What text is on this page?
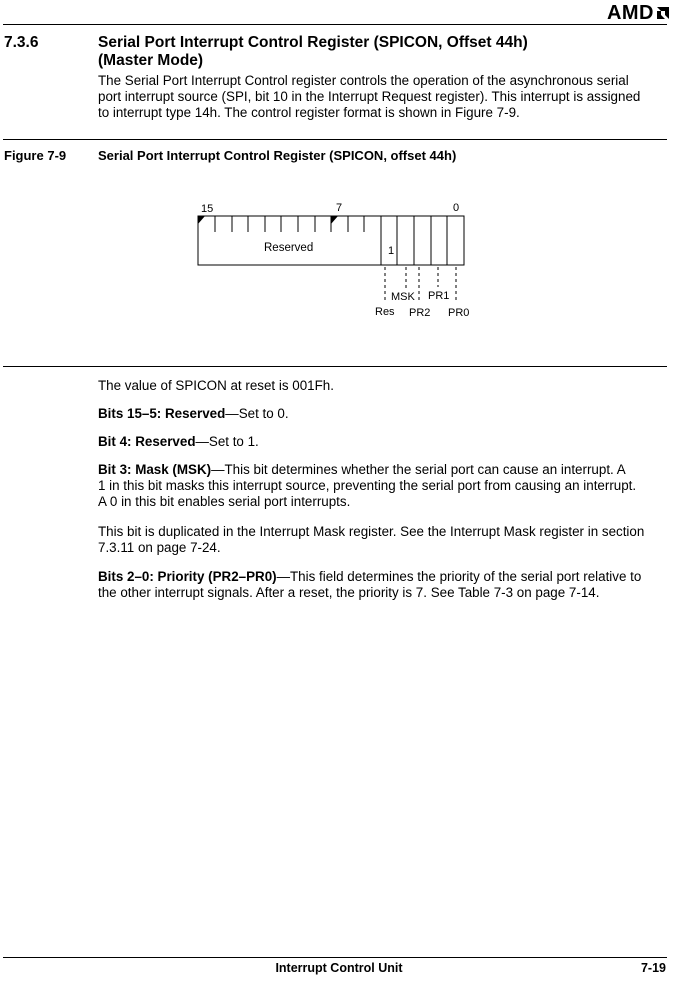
AMD
7.3.6	Serial Port Interrupt Control Register (SPICON, Offset 44h)
(Master Mode)
The Serial Port Interrupt Control register controls the operation of the asynchronous serial
port interrupt source (SPI, bit 10 in the Interrupt Request register). This interrupt is assigned
to interrupt type 14h. The control register format is shown in Figure 7-9.
Figure 7-9 Serial Port Interrupt Control Register (SPICON, offset 44h)
15	7	0
Reserved	1
Res
MSK
PR2
PR1
PR0
The value of SPICON at reset is 001Fh.
Bits 15–5: Reserved—Set to 0.
Bit 4: Reserved—Set to 1.
Bit 3: Mask (MSK)—This bit determines whether the serial port can cause an interrupt. A
1 in this bit masks this interrupt source, preventing the serial port from causing an interrupt.
A 0 in this bit enables serial port interrupts.
This bit is duplicated in the Interrupt Mask register. See the Interrupt Mask register in section
7.3.11 on page 7-24.
Bits 2–0: Priority (PR2–PR0)—This field determines the priority of the serial port relative to
the other interrupt signals. After a reset, the priority is 7. See Table 7-3 on page 7-14.
Interrupt Control Unit	7-19
